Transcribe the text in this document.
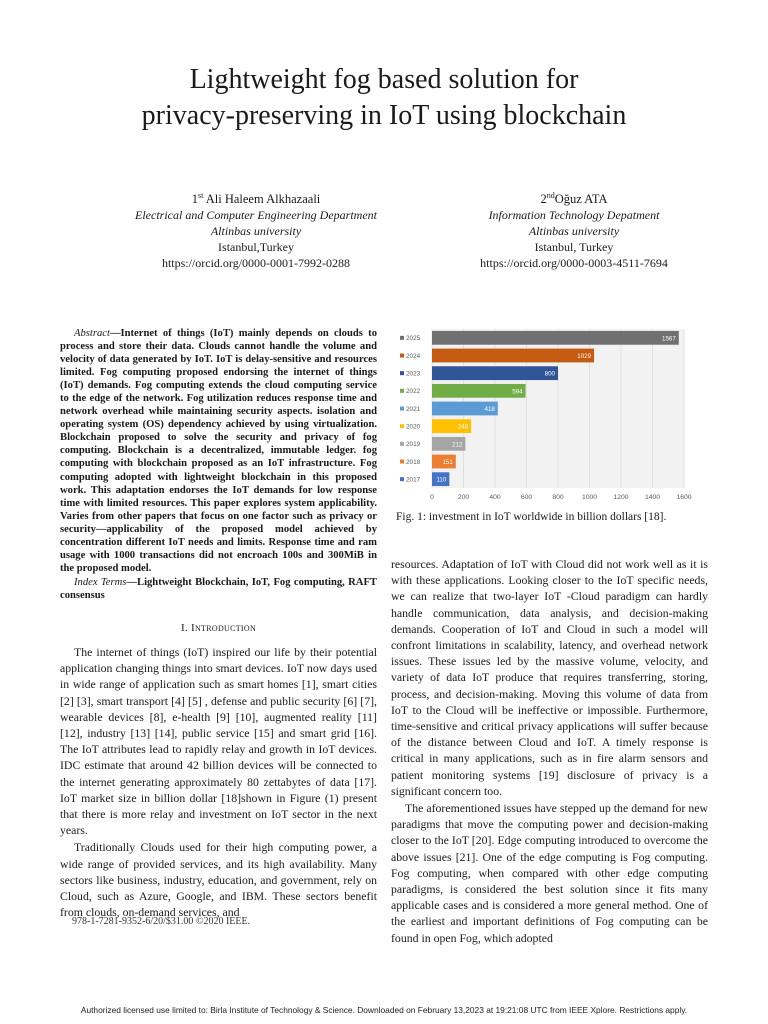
Lightweight fog based solution for
privacy-preserving in IoT using blockchain
1st Ali Haleem Alkhazaali
Electrical and Computer Engineering Department
Altinbas university
Istanbul,Turkey
https://orcid.org/0000-0001-7992-0288
2ndOğuz ATA
Information Technology Depatment
Altinbas university
Istanbul, Turkey
https://orcid.org/0000-0003-4511-7694

Abstract—Internet of things (IoT) mainly depends on clouds to process and store their data. Clouds cannot handle the volume and velocity of data generated by IoT. IoT is delay-sensitive and resources limited. Fog computing proposed endorsing the internet of things (IoT) demands. Fog computing extends the cloud computing service to the edge of the network. Fog utilization reduces response time and network overhead while maintaining security aspects. isolation and operating system (OS) dependency achieved by using virtualization. Blockchain proposed to solve the security and privacy of fog computing. Blockchain is a decentralized, immutable ledger. fog computing with blockchain proposed as an IoT infrastructure. Fog computing adopted with lightweight blockchain in this proposed work. This adaptation endorses the IoT demands for low response time with limited resources. This paper explores system applicability. Varies from other papers that focus on one factor such as privacy or security—applicability of the proposed model achieved by concentration different IoT needs and limits. Response time and ram usage with 1000 transactions did not encroach 100s and 300MiB in the proposed model.

Index Terms—Lightweight Blockchain, IoT, Fog computing, RAFT consensus

I. Introduction

The internet of things (IoT) inspired our life by their potential application changing things into smart devices. IoT now days used in wide range of application such as smart homes [1], smart cities [2] [3], smart transport [4] [5] , defense and public security [6] [7], wearable devices [8], e-health [9] [10], augmented reality [11] [12], industry [13] [14], public service [15] and smart grid [16]. The IoT attributes lead to rapidly relay and growth in IoT devices. IDC estimate that around 42 billion devices will be connected to the internet generating approximately 80 zettabytes of data [17]. IoT market size in billion dollar [18]shown in Figure (1) present that there is more relay and investment on IoT sector in the next years.

Traditionally Clouds used for their high computing power, a wide range of provided services, and its high availability. Many sectors like business, industry, education, and government, rely on Cloud, such as Azure, Google, and IBM. These sectors benefit from clouds, on-demand services, and

1567
2025
1029
2024
800
2023
594
2022
418
2021
248
2020
212
2019
151
2018
110
2017
0	200	400	600	800	1000 1200 1400 1600
Fig. 1: investment in IoT worldwide in billion dollars [18].

resources. Adaptation of IoT with Cloud did not work well as it is with these applications. Looking closer to the IoT specific needs, we can realize that two-layer IoT -Cloud paradigm can hardly handle communication, data analysis, and decision-making demands. Cooperation of IoT and Cloud in such a model will confront limitations in scalability, latency, and overhead network issues. These issues led by the massive volume, velocity, and variety of data IoT produce that requires transferring, storing, process, and decision-making. Moving this volume of data from IoT to the Cloud will be ineffective or impossible. Furthermore, time-sensitive and critical privacy applications will suffer because of the distance between Cloud and IoT. A timely response is critical in many applications, such as in fire alarm sensors and patient monitoring systems [19] disclosure of privacy is a significant concern too.

The aforementioned issues have stepped up the demand for new paradigms that move the computing power and decision-making closer to the IoT [20]. Edge computing introduced to overcome the above issues [21]. One of the edge computing is Fog computing. Fog computing, when compared with other edge computing paradigms, is considered the best solution since it fits many applicable cases and is considered a more general method. One of the earliest and important definitions of Fog computing can be found in open Fog, which adopted

978-1-7281-9352-6/20/$31.00 ©2020 IEEE.
Authorized licensed use limited to: Birla Institute of Technology & Science. Downloaded on February 13,2023 at 19:21:08 UTC from IEEE Xplore. Restrictions apply.
